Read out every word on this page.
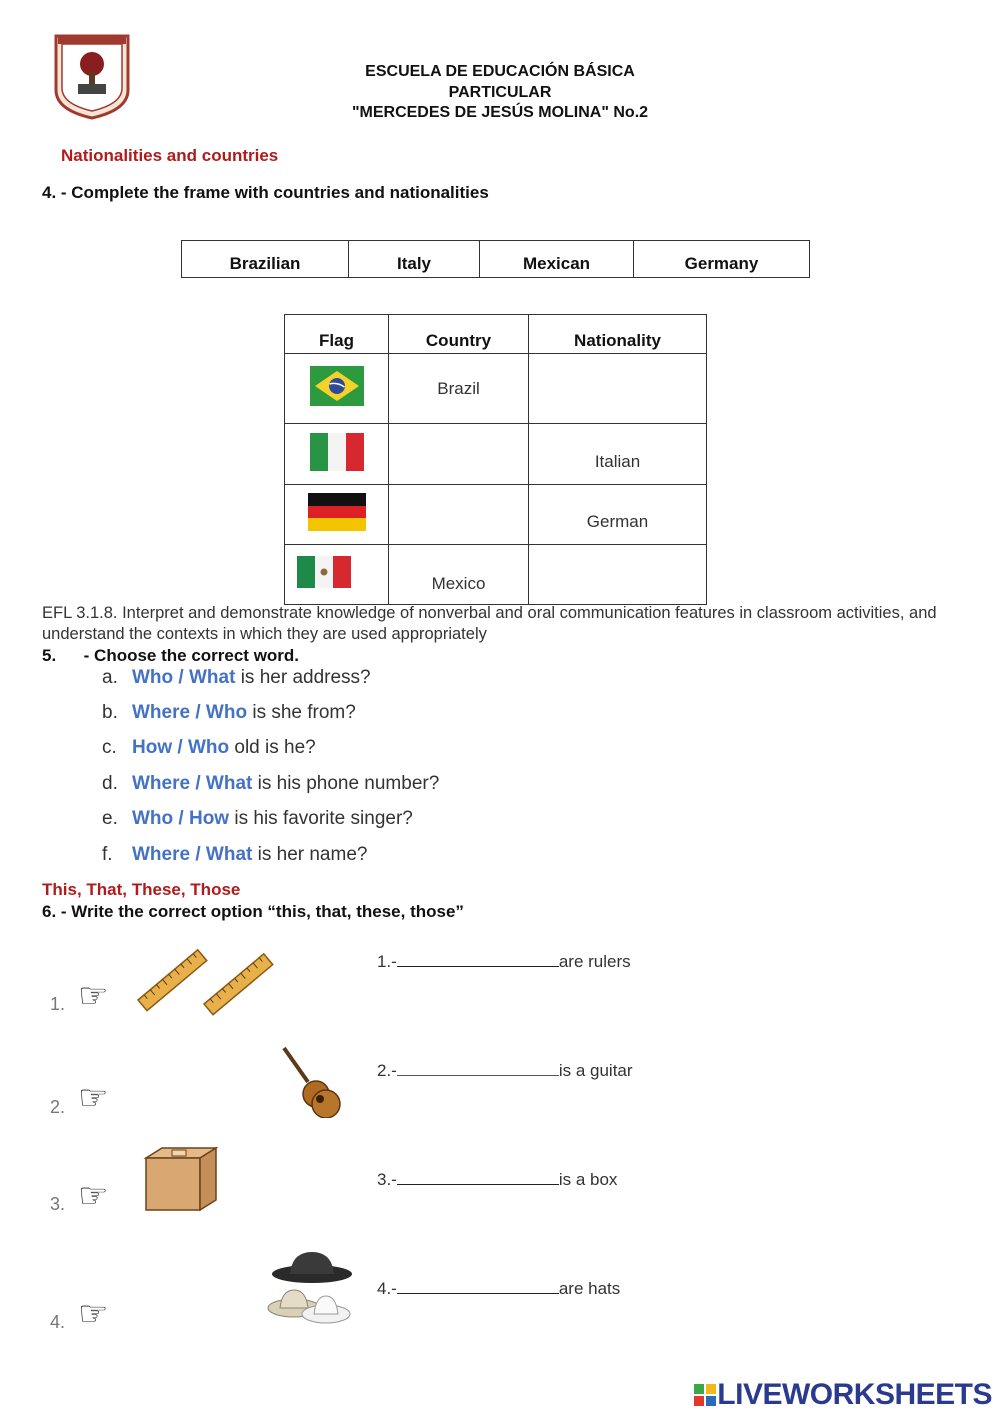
ESCUELA DE EDUCACIÓN BÁSICA
PARTICULAR
"MERCEDES DE JESÚS MOLINA" No.2
Nationalities and countries
4. - Complete the frame with countries and nationalities
Brazilian	Italy	Mexican	Germany
Flag	Country	Nationality
	Brazil	
		Italian
		German
	Mexico	
EFL 3.1.8. Interpret and demonstrate knowledge of nonverbal and oral communication features in classroom activities, and understand the contexts in which they are used appropriately
5. - Choose the correct word.
a. Who / What is her address?
b. Where / Who is she from?
c. How / Who old is he?
d. Where / What is his phone number?
e. Who / How is his favorite singer?
f. Where / What is her name?
This, That, These, Those
6. - Write the correct option “this, that, these, those”
1. ☞
1.-	are rulers
2. ☞
2.-	is a guitar
3. ☞	3.-	is a box
4. ☞
4.-	are hats
LIVEWORKSHEETS
